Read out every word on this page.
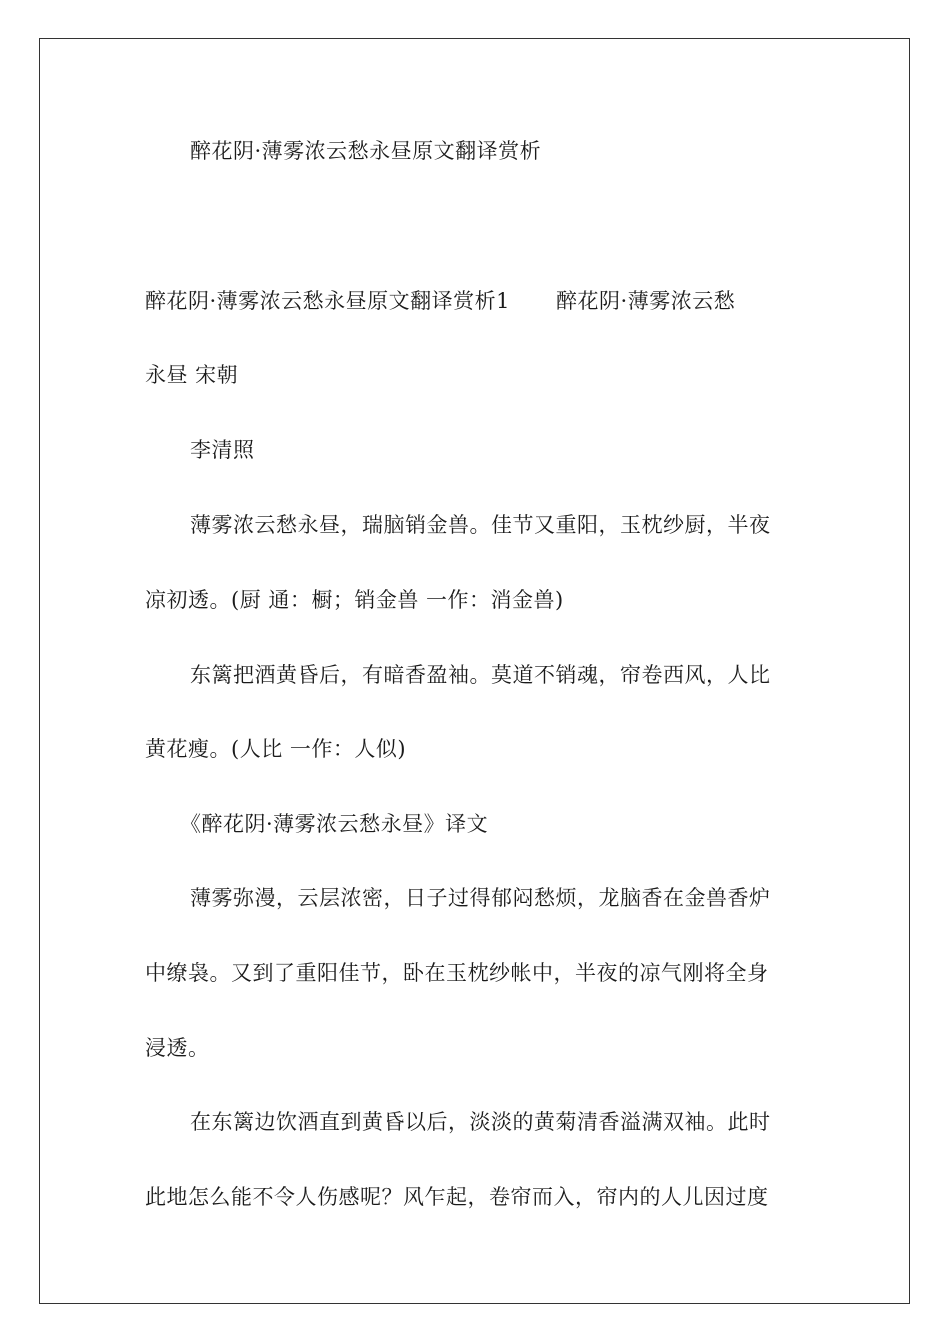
醉花阴·薄雾浓云愁永昼原文翻译赏析
醉花阴·薄雾浓云愁永昼原文翻译赏析1 醉花阴·薄雾浓云愁
永昼 宋朝
李清照
薄雾浓云愁永昼，瑞脑销金兽。佳节又重阳，玉枕纱厨，半夜
凉初透。(厨 通：橱；销金兽 一作：消金兽)
东篱把酒黄昏后，有暗香盈袖。莫道不销魂，帘卷西风，人比
黄花瘦。(人比 一作：人似)
《醉花阴·薄雾浓云愁永昼》译文
薄雾弥漫，云层浓密，日子过得郁闷愁烦，龙脑香在金兽香炉
中缭袅。又到了重阳佳节，卧在玉枕纱帐中，半夜的凉气刚将全身
浸透。
在东篱边饮酒直到黄昏以后，淡淡的黄菊清香溢满双袖。此时
此地怎么能不令人伤感呢？风乍起，卷帘而入，帘内的人儿因过度
